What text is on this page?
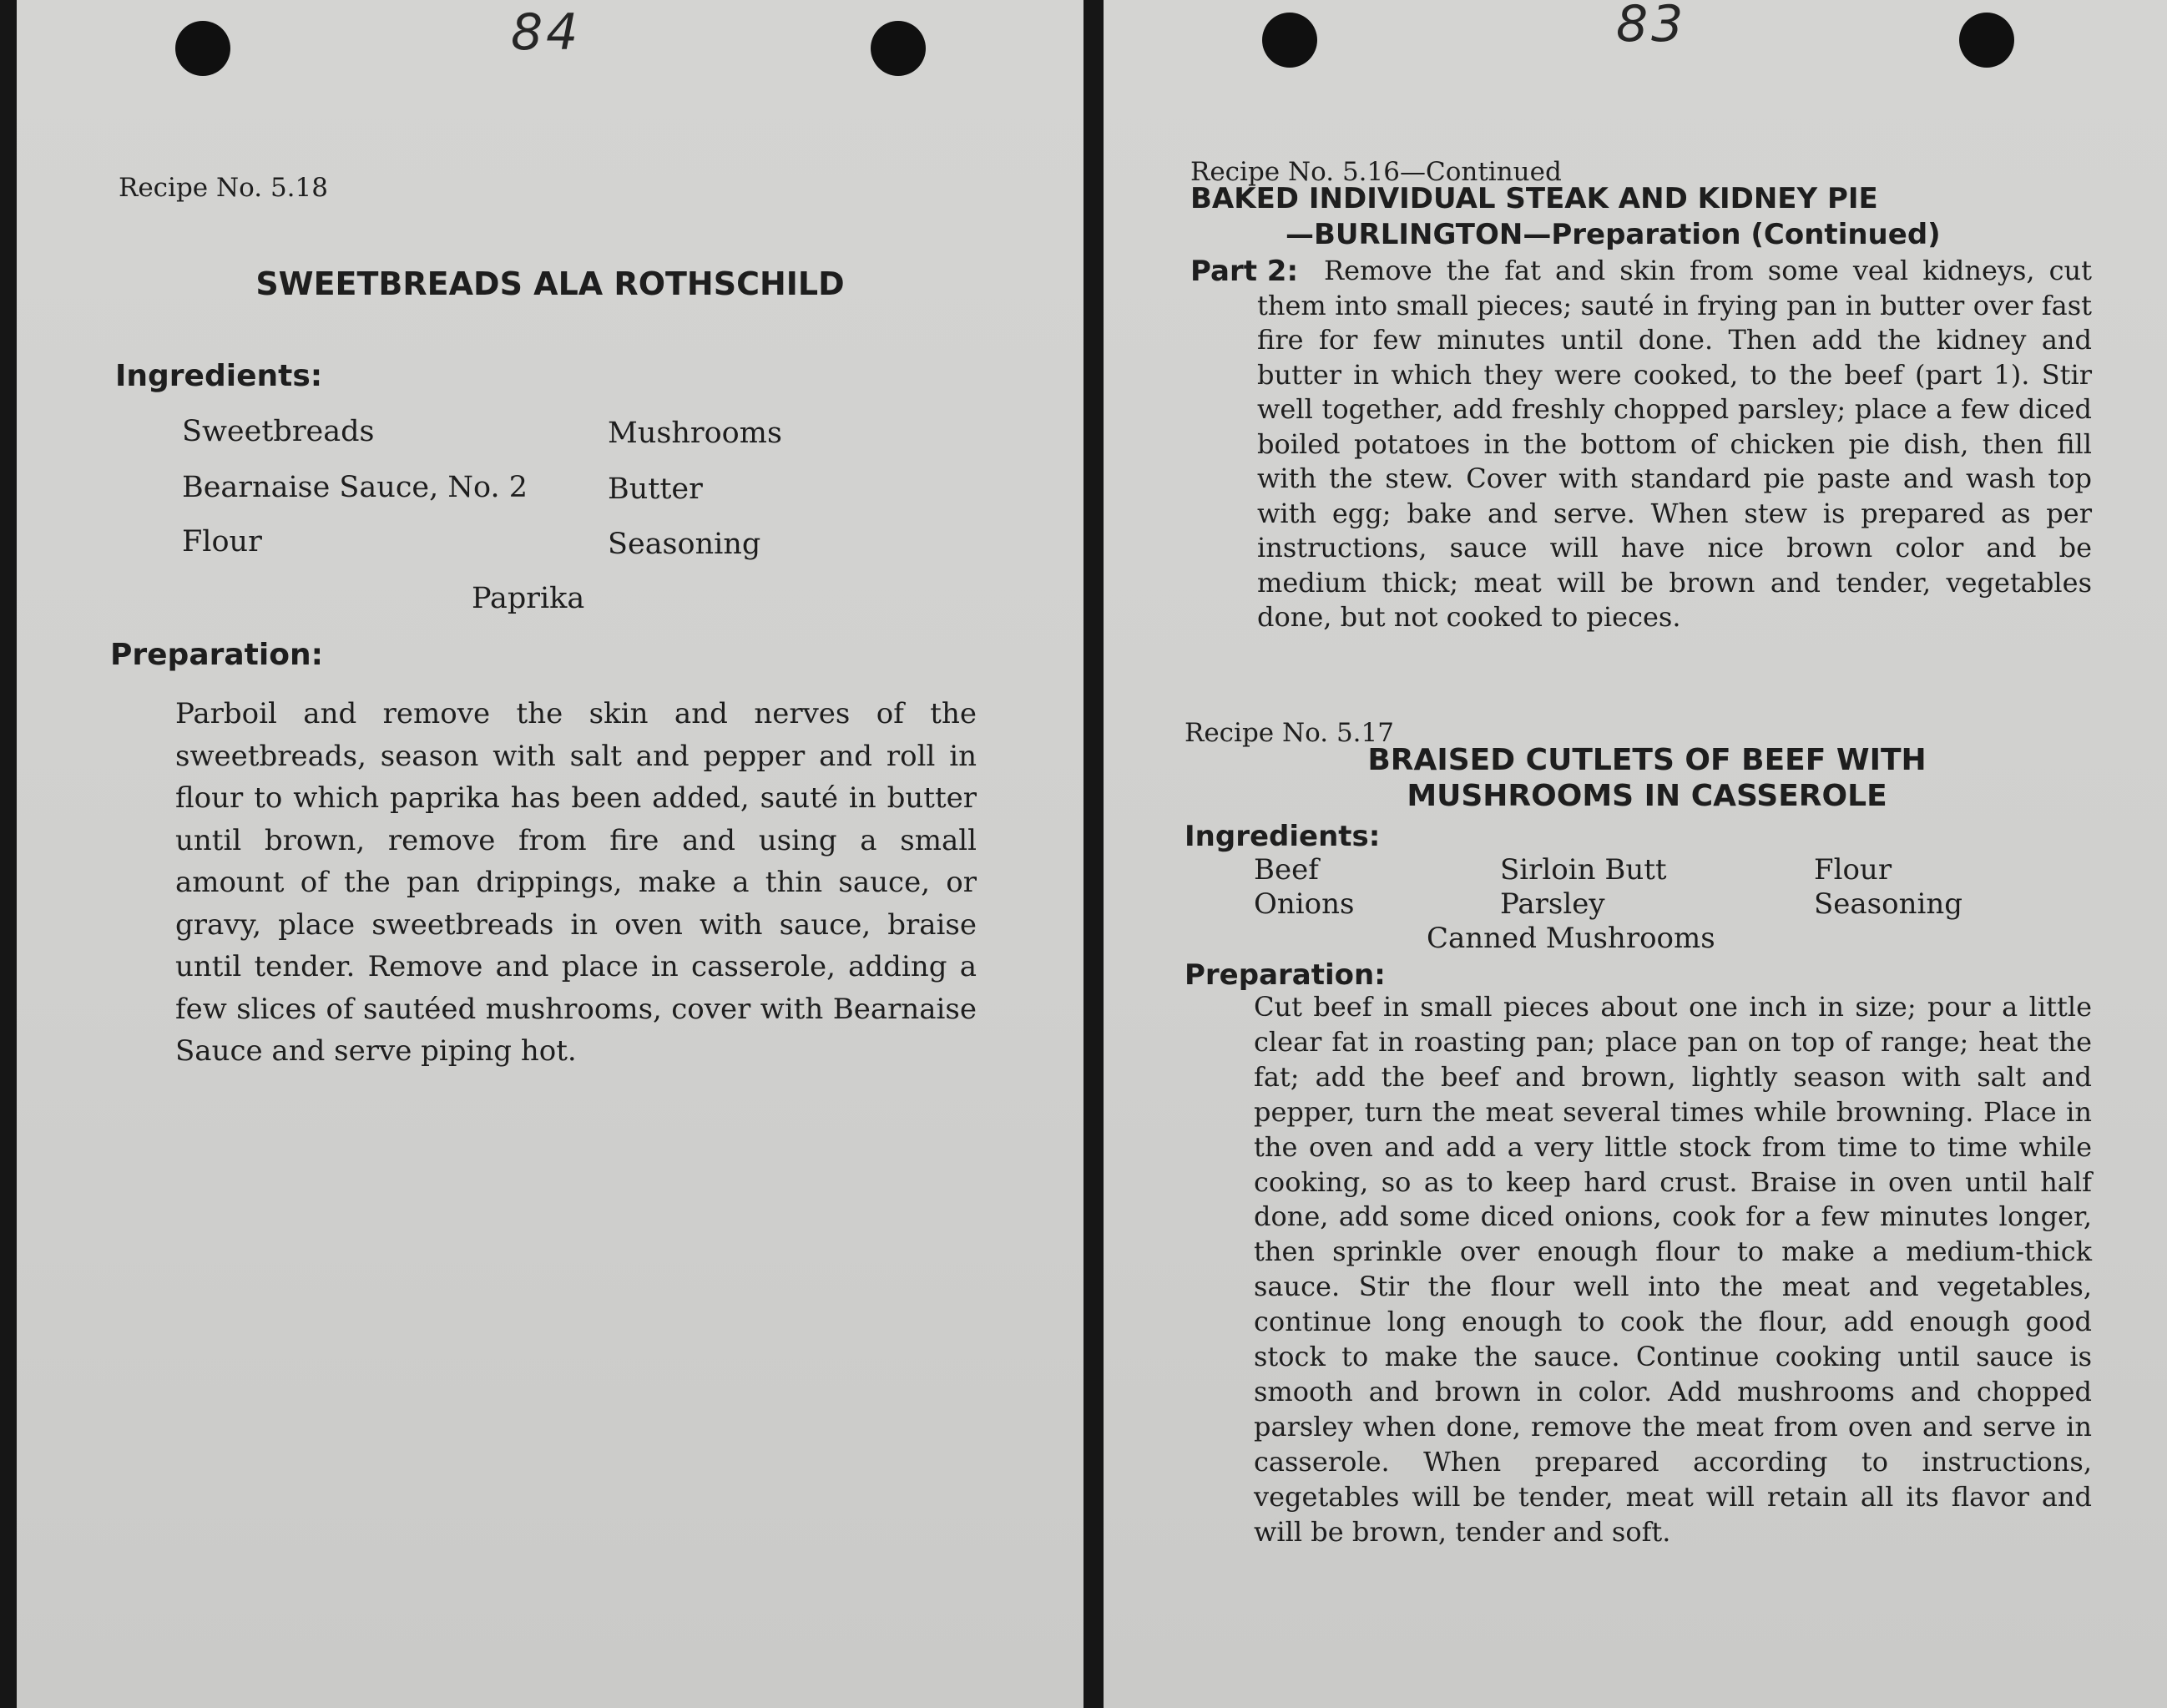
84
Recipe No. 5.18
SWEETBREADS ALA ROTHSCHILD
Ingredients:
Sweetbreads	Mushrooms
Bearnaise Sauce, No. 2	Butter
Flour	Seasoning
Paprika
Preparation:

Parboil and remove the skin and nerves of the sweetbreads, season with salt and pepper and roll in flour to which paprika has been added, sauté in butter until brown, remove from fire and using a small amount of the pan drippings, make a thin sauce, or gravy, place sweetbreads in oven with sauce, braise until tender. Remove and place in casserole, adding a few slices of sautéed mushrooms, cover with Bearnaise Sauce and serve piping hot.

83
Recipe No. 5.16—Continued
BAKED INDIVIDUAL STEAK AND KIDNEY PIE
—BURLINGTON—Preparation (Continued)
Part 2: Remove the fat and skin from some veal kidneys, cut them into small pieces; sauté in frying pan in butter over fast fire for few minutes until done. Then add the kidney and butter in which they were cooked, to the beef (part 1). Stir well together, add freshly chopped parsley; place a few diced boiled potatoes in the bottom of chicken pie dish, then fill with the stew. Cover with standard pie paste and wash top with egg; bake and serve. When stew is prepared as per instructions, sauce will have nice brown color and be medium thick; meat will be brown and tender, vegetables done, but not cooked to pieces.

Recipe No. 5.17
BRAISED CUTLETS OF BEEF WITH
MUSHROOMS IN CASSEROLE
Ingredients:
Beef	Sirloin Butt	Flour
Onions	Parsley	Seasoning
Canned Mushrooms
Preparation:

Cut beef in small pieces about one inch in size; pour a little clear fat in roasting pan; place pan on top of range; heat the fat; add the beef and brown, lightly season with salt and pepper, turn the meat several times while browning. Place in the oven and add a very little stock from time to time while cooking, so as to keep hard crust. Braise in oven until half done, add some diced onions, cook for a few minutes longer, then sprinkle over enough flour to make a medium-thick sauce. Stir the flour well into the meat and vegetables, continue long enough to cook the flour, add enough good stock to make the sauce. Continue cooking until sauce is smooth and brown in color. Add mushrooms and chopped parsley when done, remove the meat from oven and serve in casserole. When prepared according to instructions, vegetables will be tender, meat will retain all its flavor and will be brown, tender and soft.
